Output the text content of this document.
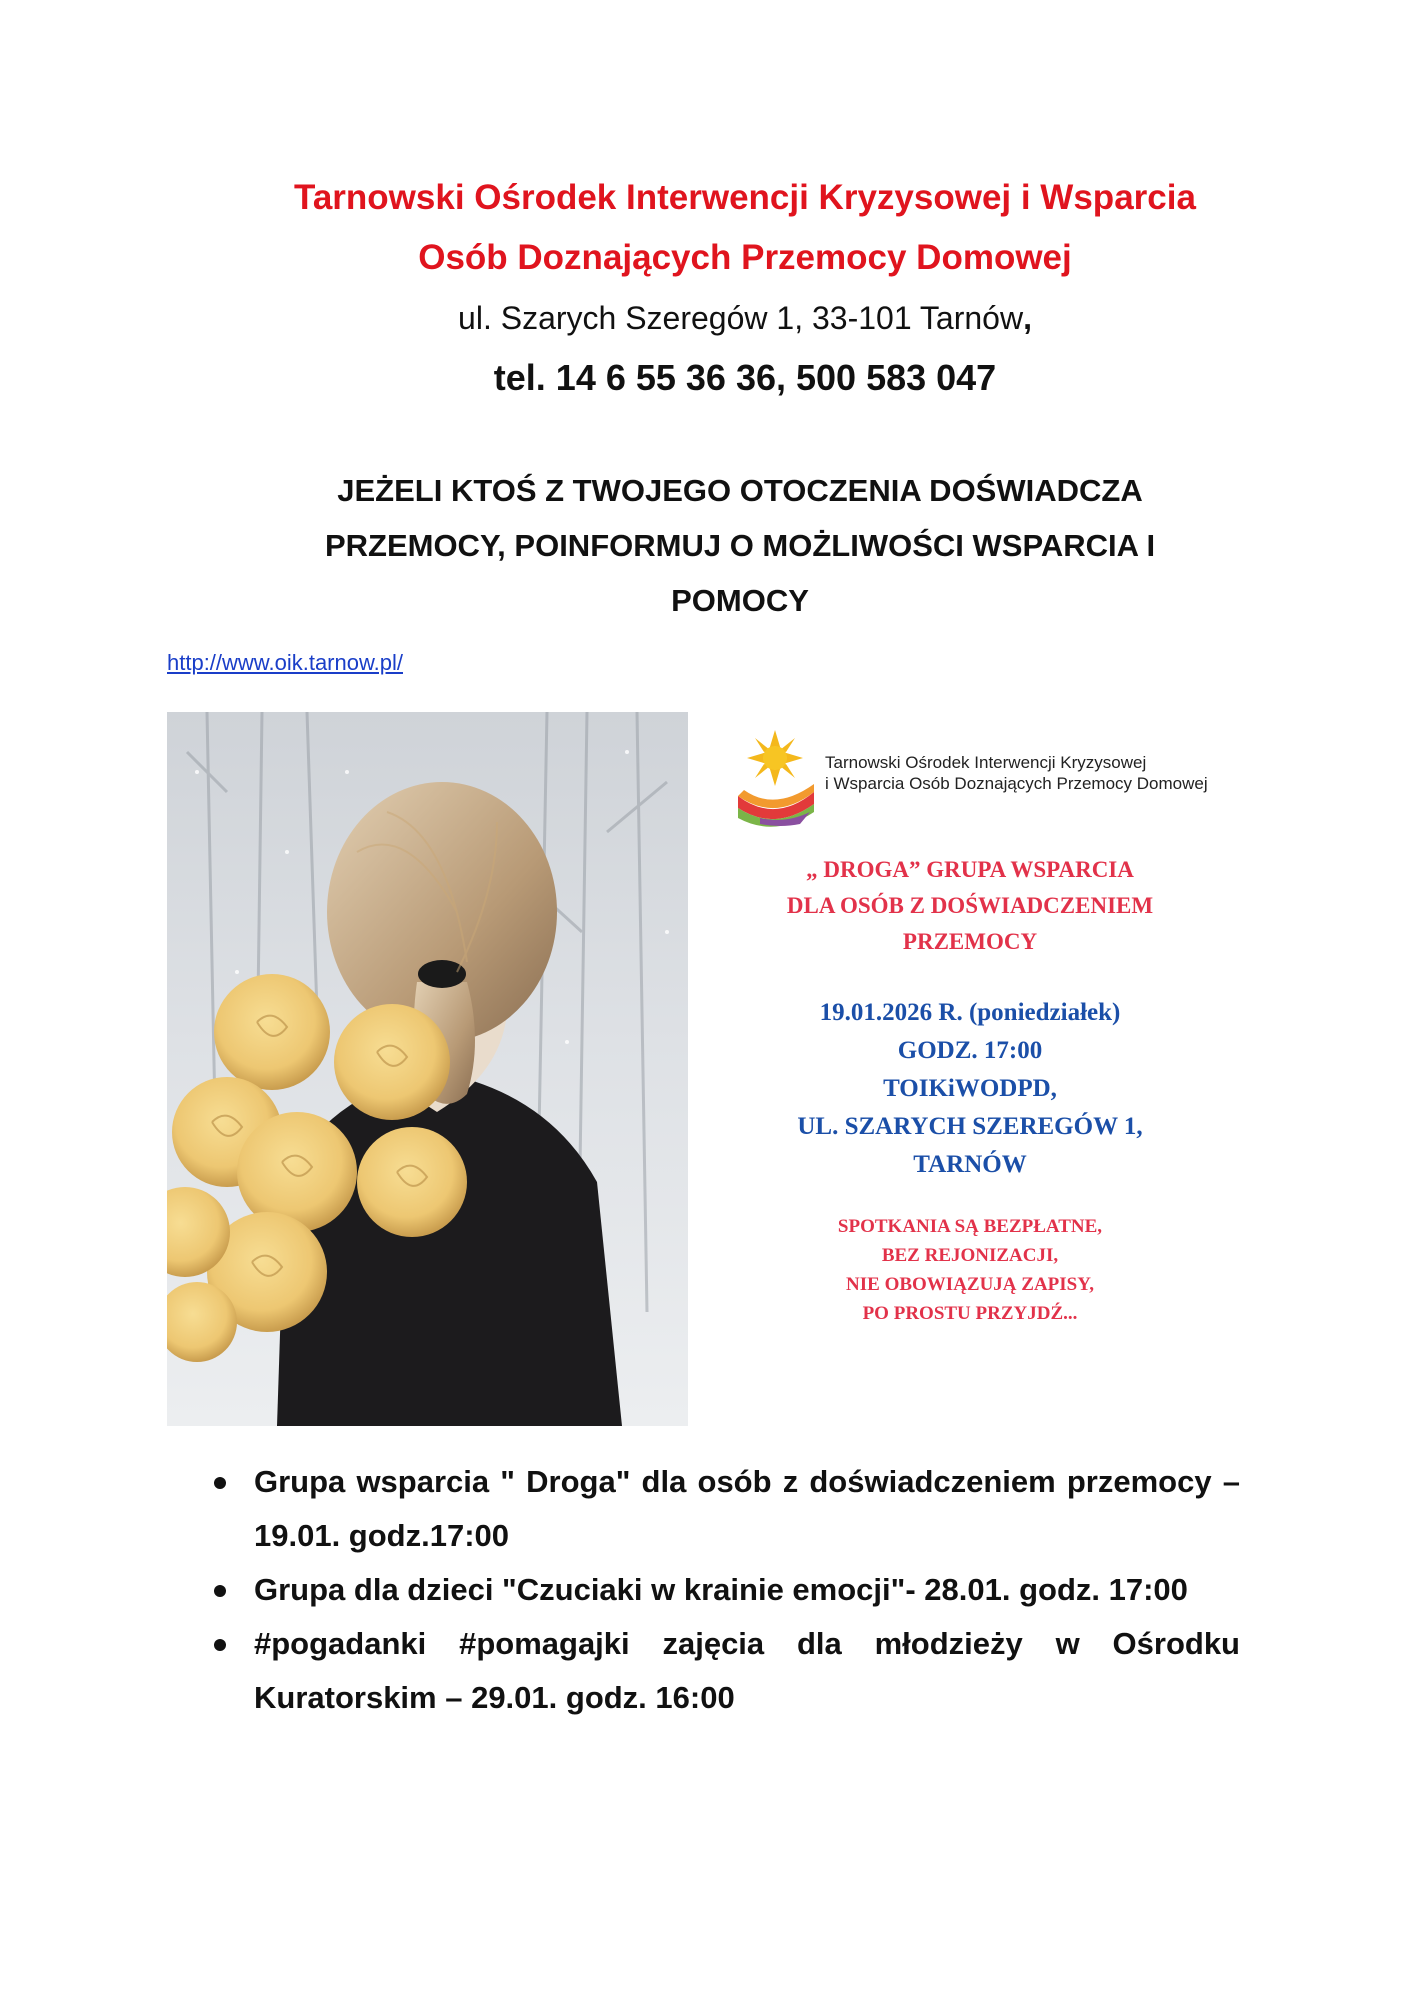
Tarnowski Ośrodek Interwencji Kryzysowej i Wsparcia
Osób Doznających Przemocy Domowej
ul. Szarych Szeregów 1, 33-101 Tarnów,
tel. 14 6 55 36 36, 500 583 047
JEŻELI KTOŚ Z TWOJEGO OTOCZENIA DOŚWIADCZA
PRZEMOCY, POINFORMUJ O MOŻLIWOŚCI WSPARCIA I
POMOCY
http://www.oik.tarnow.pl/
Tarnowski Ośrodek Interwencji Kryzysowej
i Wsparcia Osób Doznających Przemocy Domowej
„ DROGA” GRUPA WSPARCIA
DLA OSÓB Z DOŚWIADCZENIEM
PRZEMOCY
19.01.2026 R. (poniedziałek)
GODZ. 17:00
TOIKiWODPD,
UL. SZARYCH SZEREGÓW 1,
TARNÓW
SPOTKANIA SĄ BEZPŁATNE,
BEZ REJONIZACJI,
NIE OBOWIĄZUJĄ ZAPISY,
PO PROSTU PRZYJDŹ...
Grupa wsparcia " Droga" dla osób z doświadczeniem przemocy – 19.01. godz.17:00
Grupa dla dzieci "Czuciaki w krainie emocji"- 28.01. godz. 17:00
#pogadanki #pomagajki zajęcia dla młodzieży w Ośrodku Kuratorskim – 29.01. godz. 16:00
